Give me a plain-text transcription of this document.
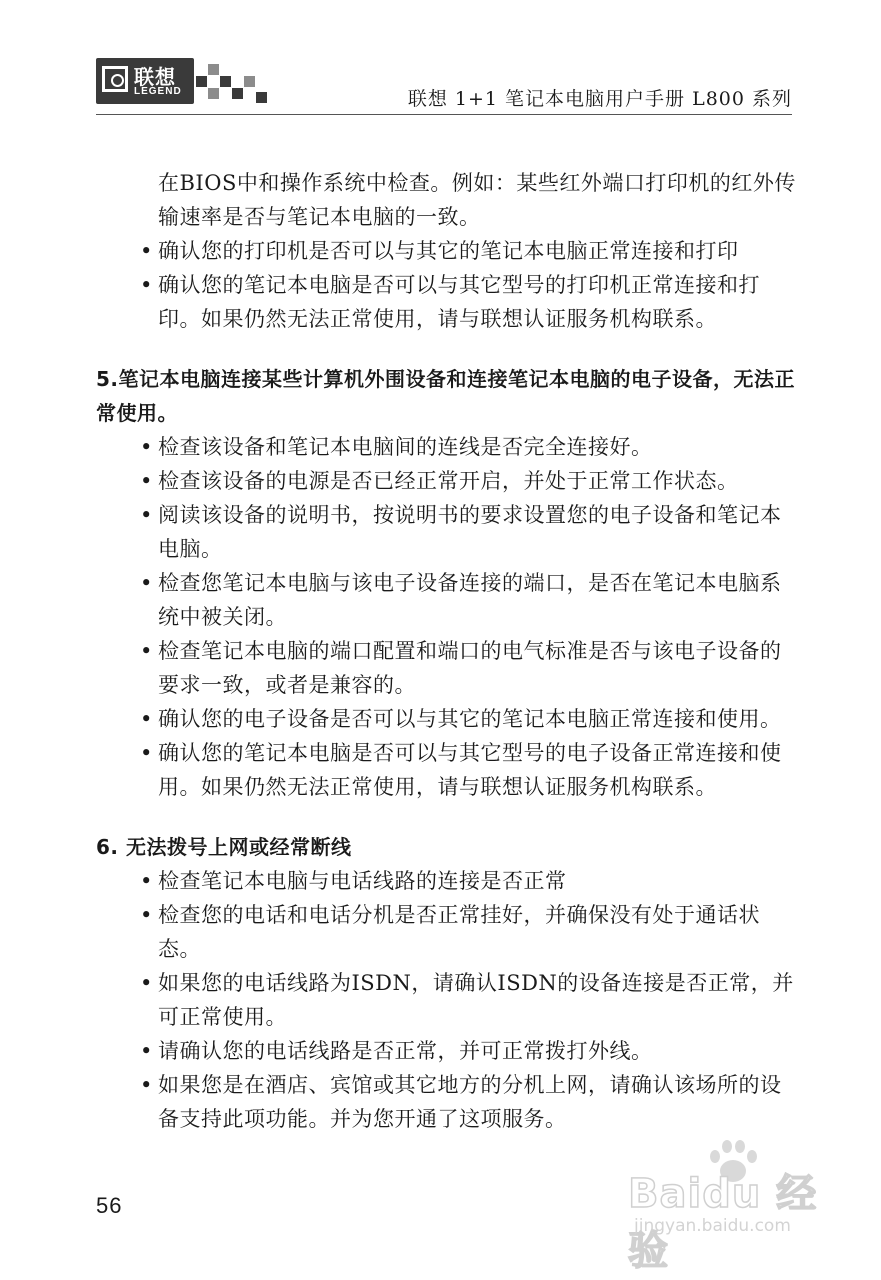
联想
LEGEND	联想 1+1 笔记本电脑用户手册 L800 系列

在BIOS中和操作系统中检查。例如：某些红外端口打印机的红外传输速率是否与笔记本电脑的一致。

• 确认您的打印机是否可以与其它的笔记本电脑正常连接和打印
• 确认您的笔记本电脑是否可以与其它型号的打印机正常连接和打印。如果仍然无法正常使用，请与联想认证服务机构联系。
5.笔记本电脑连接某些计算机外围设备和连接笔记本电脑的电子设备，无法正常使用。
• 检查该设备和笔记本电脑间的连线是否完全连接好。
• 检查该设备的电源是否已经正常开启，并处于正常工作状态。
• 阅读该设备的说明书，按说明书的要求设置您的电子设备和笔记本电脑。
• 检查您笔记本电脑与该电子设备连接的端口，是否在笔记本电脑系统中被关闭。
• 检查笔记本电脑的端口配置和端口的电气标准是否与该电子设备的要求一致，或者是兼容的。
• 确认您的电子设备是否可以与其它的笔记本电脑正常连接和使用。
• 确认您的笔记本电脑是否可以与其它型号的电子设备正常连接和使用。如果仍然无法正常使用，请与联想认证服务机构联系。
6. 无法拨号上网或经常断线
• 检查笔记本电脑与电话线路的连接是否正常
• 检查您的电话和电话分机是否正常挂好，并确保没有处于通话状态。
• 如果您的电话线路为ISDN，请确认ISDN的设备连接是否正常，并可正常使用。
• 请确认您的电话线路是否正常，并可正常拨打外线。
• 如果您是在酒店、宾馆或其它地方的分机上网，请确认该场所的设备支持此项功能。并为您开通了这项服务。
56	Baidu 经验
jingyan.baidu.com
